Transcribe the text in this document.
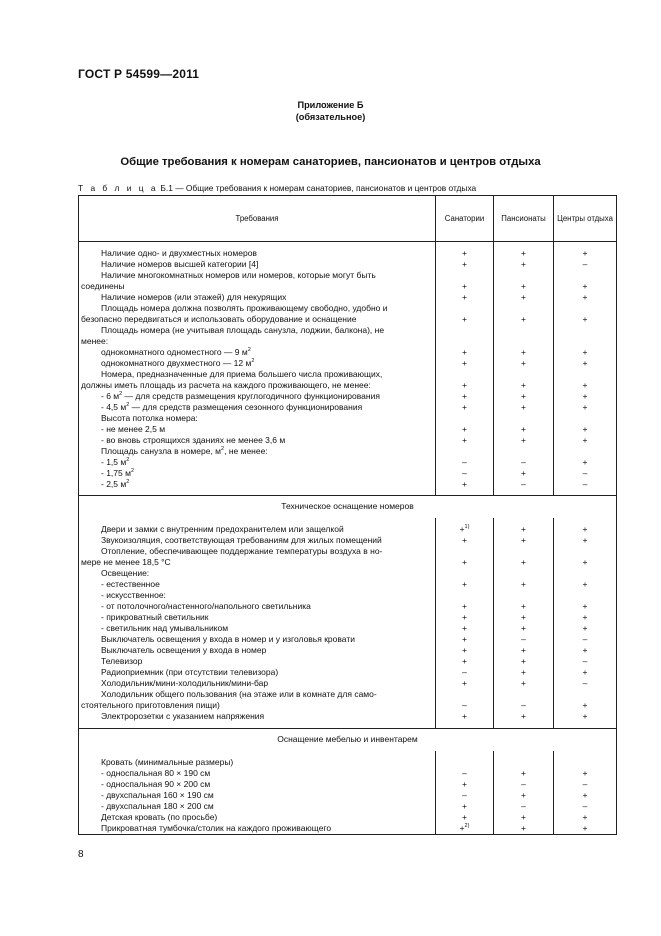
ГОСТ Р 54599—2011
Приложение Б
(обязательное)
Общие требования к номерам санаториев, пансионатов и центров отдыха
Т а б л и ц а Б.1 — Общие требования к номерам санаториев, пансионатов и центров отдыха
Требования	Санатории	Пансионаты	Центры отдыха

Наличие одно- и двухместных номеров	+	+	+

Наличие номеров высшей категории [4]	+	+	–

Наличие многокомнатных номеров или номеров, которые могут быть
соединены	+	+	+

Наличие номеров (или этажей) для некурящих	+	+	+

Площадь номера должна позволять проживающему свободно, удобно и
безопасно передвигаться и использовать оборудование и оснащение	+	+	+

Площадь номера (не учитывая площадь санузла, лоджии, балкона), не
менее:			

однокомнатного одноместного — 9 $м^2$	+	+	+

однокомнатного двухместного — 12 $м^2$	+	+	+

Номера, предназначенные для приема большего числа проживающих,
должны иметь площадь из расчета на каждого проживающего, не менее:	+	+	+

- 6 $м^2$ — для средств размещения круглогодичного функционирования	+	+	+

- 4,5 $м^2$ — для средств размещения сезонного функционирования	+	+	+

Высота потолка номера:			

- не менее 2,5 м	+	+	+

- во вновь строящихся зданиях не менее 3,6 м	+	+	+

Площадь санузла в номере, $м^2$, не менее:			

- 1,5 $м^2$	–	–	+

- 1,75 $м^2$	–	+	–

- 2,5 $м^2$	+	–	–

Техническое оснащение номеров			

Двери и замки с внутренним предохранителем или защелкой	+$^{1)}$	+	+

Звукоизоляция, соответствующая требованиям для жилых помещений	+	+	+

Отопление, обеспечивающее поддержание температуры воздуха в но-
мере не менее 18,5 °С	+	+	+

Освещение:			

- естественное	+	+	+

- искусственное:			

- от потолочного/настенного/напольного светильника	+	+	+

- прикроватный светильник	+	+	+

- светильник над умывальником	+	+	+

Выключатель освещения у входа в номер и у изголовья кровати	+	–	–

Выключатель освещения у входа в номер	+	+	+

Телевизор	+	+	–

Радиоприемник (при отсутствии телевизора)	–	+	+

Холодильник/мини-холодильник/мини-бар	+	+	–

Холодильник общего пользования (на этаже или в комнате для само-
стоятельного приготовления пищи)	–	–	+

Электророзетки с указанием напряжения	+	+	+

Оснащение мебелью и инвентарем			

Кровать (минимальные размеры)			

- односпальная 80 × 190 см	–	+	+

- односпальная 90 × 200 см	+	–	–

- двухспальная 160 × 190 см	–	+	+

- двухспальная 180 × 200 см	+	–	–

Детская кровать (по просьбе)	+	+	+

Прикроватная тумбочка/столик на каждого проживающего	+$^{2)}$	+	+
8
